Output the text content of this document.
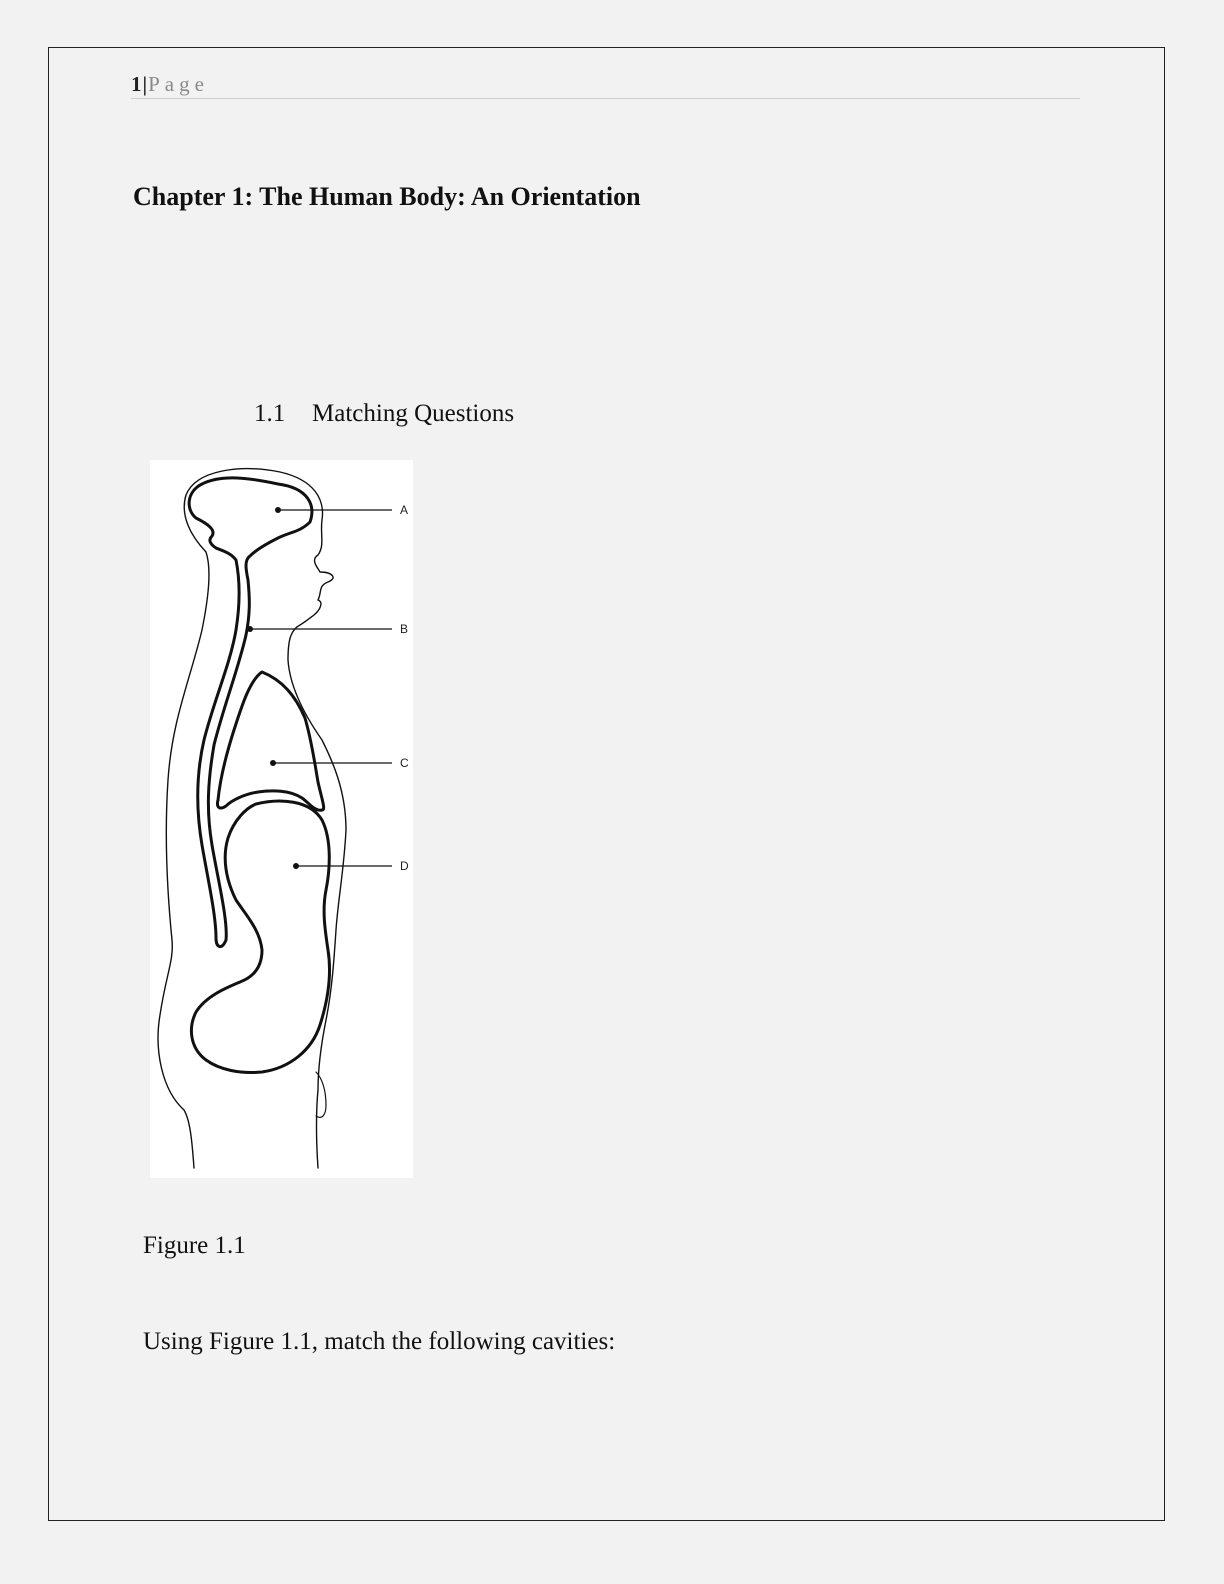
1|Page
Chapter 1: The Human Body: An Orientation
1.1 Matching Questions
A
B
C
D

Figure 1.1

Using Figure 1.1, match the following cavities:
